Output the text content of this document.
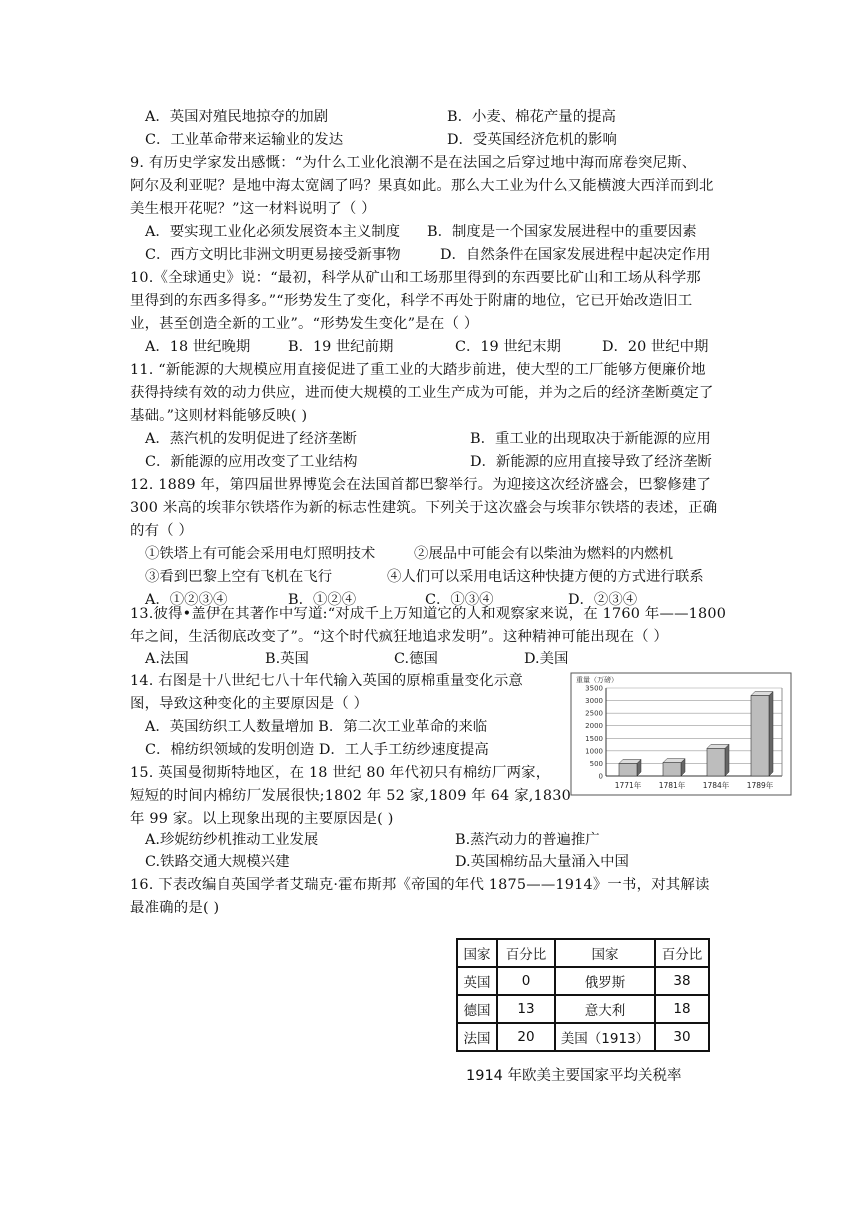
A．英国对殖民地掠夺的加剧	B．小麦、棉花产量的提高
C．工业革命带来运输业的发达	D．受英国经济危机的影响
9. 有历史学家发出感慨：“为什么工业化浪潮不是在法国之后穿过地中海而席卷突尼斯、
阿尔及利亚呢？是地中海太宽阔了吗？果真如此。那么大工业为什么又能横渡大西洋而到北
美生根开花呢？”这一材料说明了（ ）
A．要实现工业化必须发展资本主义制度 B．制度是一个国家发展进程中的重要因素
C．西方文明比非洲文明更易接受新事物	D．自然条件在国家发展进程中起决定作用
10.《全球通史》说：“最初，科学从矿山和工场那里得到的东西要比矿山和工场从科学那
里得到的东西多得多。”“形势发生了变化，科学不再处于附庸的地位，它已开始改造旧工
业，甚至创造全新的工业”。“形势发生变化”是在（ ）
A．18 世纪晚期	B．19 世纪前期	C．19 世纪末期	D．20 世纪中期
11. “新能源的大规模应用直接促进了重工业的大踏步前进，使大型的工厂能够方便廉价地
获得持续有效的动力供应，进而使大规模的工业生产成为可能，并为之后的经济垄断奠定了
基础。”这则材料能够反映( )
A．蒸汽机的发明促进了经济垄断	B．重工业的出现取决于新能源的应用
C．新能源的应用改变了工业结构	D．新能源的应用直接导致了经济垄断
12. 1889 年，第四届世界博览会在法国首都巴黎举行。为迎接这次经济盛会，巴黎修建了
300 米高的埃菲尔铁塔作为新的标志性建筑。下列关于这次盛会与埃菲尔铁塔的表述，正确
的有（ ）
①铁塔上有可能会采用电灯照明技术	②展品中可能会有以柴油为燃料的内燃机
③看到巴黎上空有飞机在飞行	④人们可以采用电话这种快捷方便的方式进行联系
A．①②③④	B．①②④	C．①③④	D．②③④
13.彼得•盖伊在其著作中写道:“对成千上万知道它的人和观察家来说，在 1760 年——1800
年之间，生活彻底改变了”。“这个时代疯狂地追求发明”。这种精神可能出现在（ ）
A.法国	B.英国	C.德国	D.美国
14. 右图是十八世纪七八十年代输入英国的原棉重量变化示意
图，导致这种变化的主要原因是（ ）
A．英国纺织工人数量增加 B．第二次工业革命的来临
C．棉纺织领域的发明创造 D．工人手工纺纱速度提高
重量（万磅）
0
500
1000
1500
2000
2500
3000
3500
1771年 1781年 1784年 1789年
15. 英国曼彻斯特地区，在 18 世纪 80 年代初只有棉纺厂两家，
短短的时间内棉纺厂发展很快;1802 年 52 家,1809 年 64 家,1830
年 99 家。以上现象出现的主要原因是( )
A.珍妮纺纱机推动工业发展	B.蒸汽动力的普遍推广
C.铁路交通大规模兴建	D.英国棉纺品大量涌入中国
16. 下表改编自英国学者艾瑞克·霍布斯邦《帝国的年代 1875——1914》一书，对其解读
最准确的是( )
国家	百分比	国家	百分比
英国	0	俄罗斯	38
德国	13	意大利	18
法国	20	美国（1913）	30
1914 年欧美主要国家平均关税率
